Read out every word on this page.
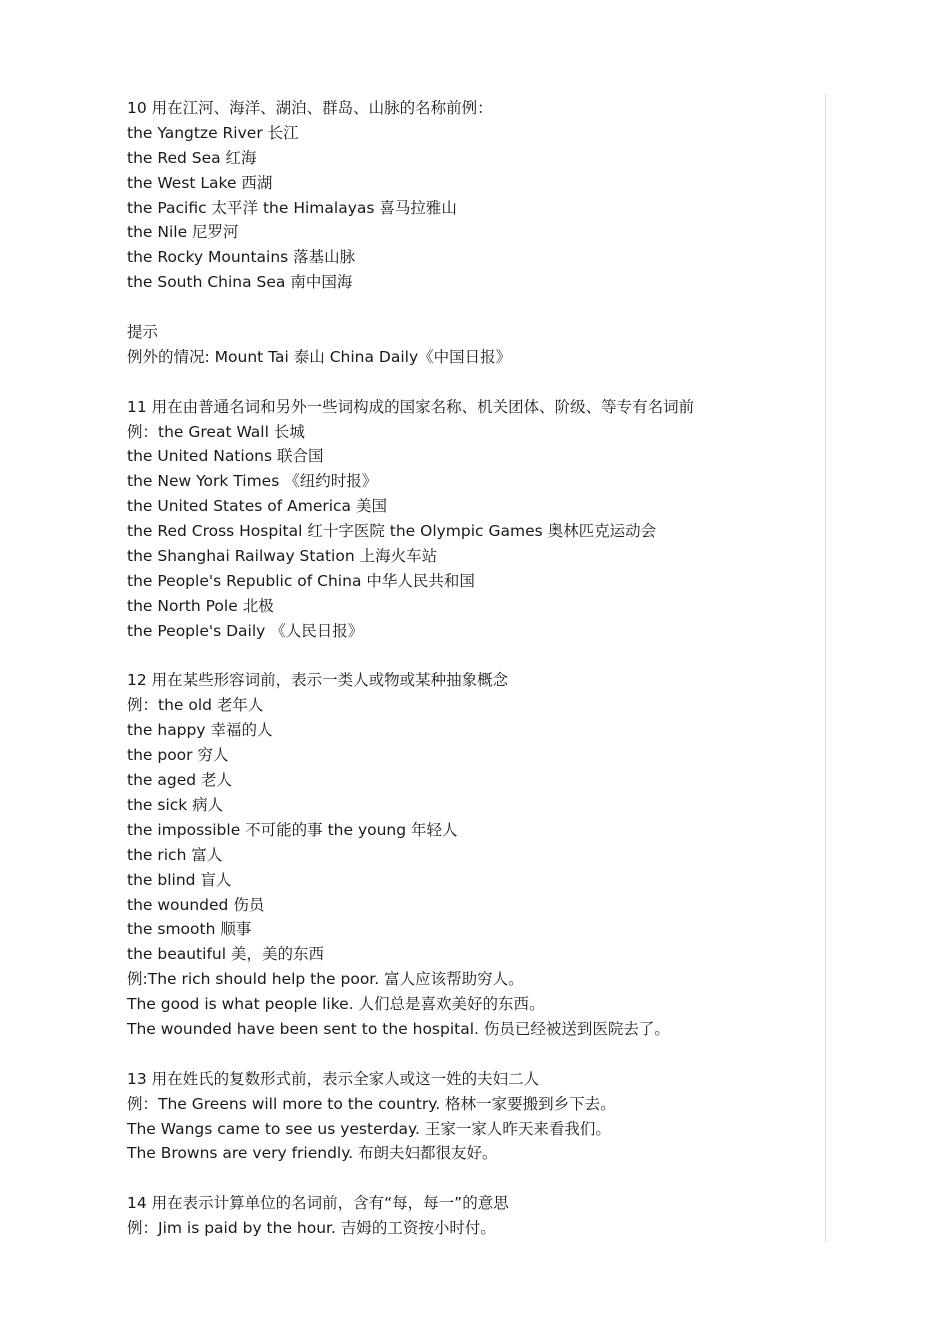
10 用在江河、海洋、湖泊、群岛、山脉的名称前例：
the Yangtze River 长江
the Red Sea 红海
the West Lake 西湖
the Pacific 太平洋 the Himalayas 喜马拉雅山
the Nile 尼罗河
the Rocky Mountains 落基山脉
the South China Sea 南中国海
提示
例外的情况: Mount Tai 泰山 China Daily《中国日报》
11 用在由普通名词和另外一些词构成的国家名称、机关团体、阶级、等专有名词前
例：the Great Wall 长城
the United Nations 联合国
the New York Times 《纽约时报》
the United States of America 美国
the Red Cross Hospital 红十字医院 the Olympic Games 奥林匹克运动会
the Shanghai Railway Station 上海火车站
the People's Republic of China 中华人民共和国
the North Pole 北极
the People's Daily 《人民日报》
12 用在某些形容词前，表示一类人或物或某种抽象概念
例：the old 老年人
the happy 幸福的人
the poor 穷人
the aged 老人
the sick 病人
the impossible 不可能的事 the young 年轻人
the rich 富人
the blind 盲人
the wounded 伤员
the smooth 顺事
the beautiful 美，美的东西
例:The rich should help the poor. 富人应该帮助穷人。
The good is what people like. 人们总是喜欢美好的东西。
The wounded have been sent to the hospital. 伤员已经被送到医院去了。
13 用在姓氏的复数形式前，表示全家人或这一姓的夫妇二人
例：The Greens will more to the country. 格林一家要搬到乡下去。
The Wangs came to see us yesterday. 王家一家人昨天来看我们。
The Browns are very friendly. 布朗夫妇都很友好。
14 用在表示计算单位的名词前，含有“每，每一”的意思
例：Jim is paid by the hour. 吉姆的工资按小时付。
